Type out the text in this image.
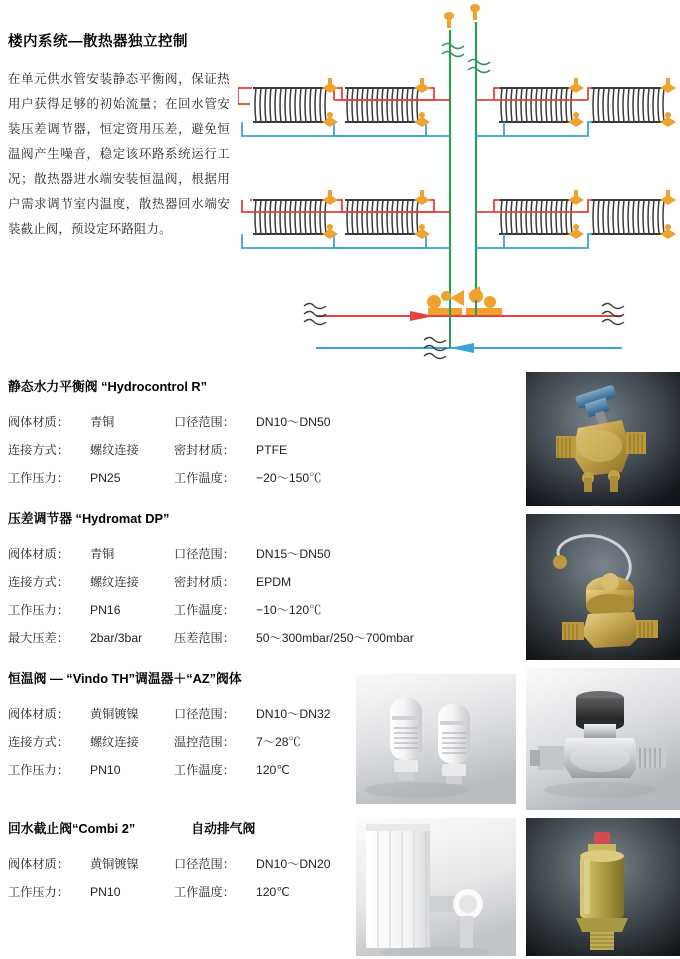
楼内系统—散热器独立控制
在单元供水管安装静态平衡阀，保证热用户获得足够的初始流量；在回水管安装压差调节器，恒定资用压差，避免恒温阀产生噪音，稳定该环路系统运行工况；散热器进水端安装恒温阀，根据用户需求调节室内温度，散热器回水端安装截止阀，预设定环路阻力。
静态水力平衡阀 “Hydrocontrol R”
阀体材质：	青铜	口径范围：	DN10～DN50
连接方式：	螺纹连接	密封材质：	PTFE
工作压力：	PN25	工作温度：	−20～150℃
压差调节器 “Hydromat DP”
阀体材质：	青铜	口径范围：	DN15～DN50
连接方式：	螺纹连接	密封材质：	EPDM
工作压力：	PN16	工作温度：	−10～120℃
最大压差：	2bar/3bar	压差范围：	50～300mbar/250～700mbar
恒温阀 — “Vindo TH”调温器＋“AZ”阀体
阀体材质：	黄铜镀镍	口径范围：	DN10～DN32
连接方式：	螺纹连接	温控范围：	7～28℃
工作压力：	PN10	工作温度：	120℃
回水截止阀“Combi 2”	自动排气阀
阀体材质：	黄铜镀镍	口径范围：	DN10～DN20
工作压力：	PN10	工作温度：	120℃
